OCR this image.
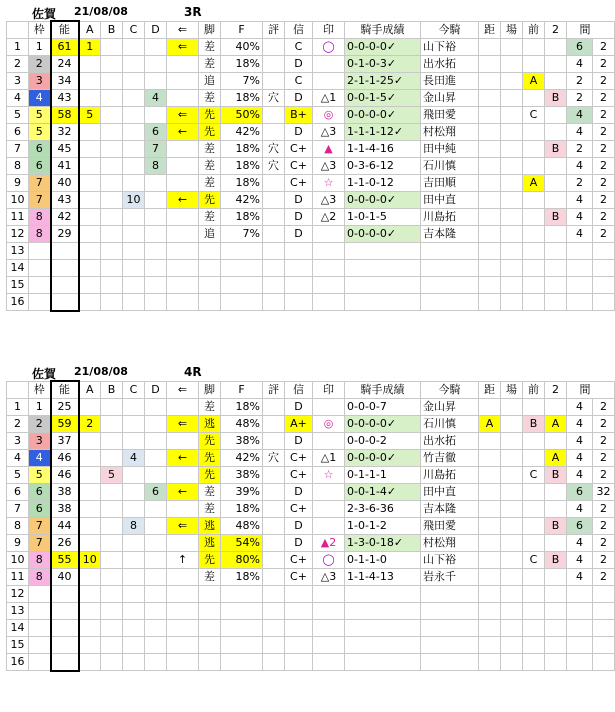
佐賀 21/08/08	3R
	枠	能	A	B	C	D	⇐	脚	F	評	信	印	騎手成績	今騎	距	場	前	2	間	
1	1	61	1				⇐	差	40%		C	◯	0-0-0-0✓	山下裕					6	2
2	2	24						差	18%		D		0-1-0-3✓	出水拓					4	2
3	3	34						追	7%		C		2-1-1-25✓	長田進			A		2	2
4	4	43				4		差	18%	穴	D	△1	0-0-1-5✓	金山昇				B	2	2
5	5	58	5				⇐	先	50%		B+	◎	0-0-0-0✓	飛田愛			C		4	2
6	5	32				6	←	先	42%		D	△3	1-1-1-12✓	村松翔					4	2
7	6	45				7		差	18%	穴	C+	▲	1-1-4-16	田中純				B	2	2
8	6	41				8		差	18%	穴	C+	△3	0-3-6-12	石川慎					4	2
9	7	40						差	18%		C+	☆	1-1-0-12	吉田順			A		2	2
10	7	43			10		←	先	42%		D	△3	0-0-0-0✓	田中直					4	2
11	8	42						差	18%		D	△2	1-0-1-5	川島拓				B	4	2
12	8	29						追	7%		D		0-0-0-0✓	吉本隆					4	2
13																				
14																				
15																				
16																				
佐賀 21/08/08	4R
	枠	能	A	B	C	D	⇐	脚	F	評	信	印	騎手成績	今騎	距	場	前	2	間	
1	1	25						差	18%		D		0-0-0-7	金山昇					4	2
2	2	59	2				⇐	逃	48%		A+	◎	0-0-0-0✓	石川慎	A		B	A	4	2
3	3	37						先	38%		D		0-0-0-2	出水拓					4	2
4	4	46			4		←	先	42%	穴	C+	△1	0-0-0-0✓	竹吉徹				A	4	2
5	5	46		5				先	38%		C+	☆	0-1-1-1	川島拓			C	B	4	2
6	6	38				6	←	差	39%		D		0-0-1-4✓	田中直					6	32
7	6	38						差	18%		C+		2-3-6-36	吉本隆					4	2
8	7	44			8		⇐	逃	48%		D		1-0-1-2	飛田愛				B	6	2
9	7	26						逃	54%		D	▲2	1-3-0-18✓	村松翔					4	2
10	8	55	10				↑	先	80%		C+	◯	0-1-1-0	山下裕			C	B	4	2
11	8	40						差	18%		C+	△3	1-1-4-13	岩永千					4	2
12																				
13																				
14																				
15																				
16																				
